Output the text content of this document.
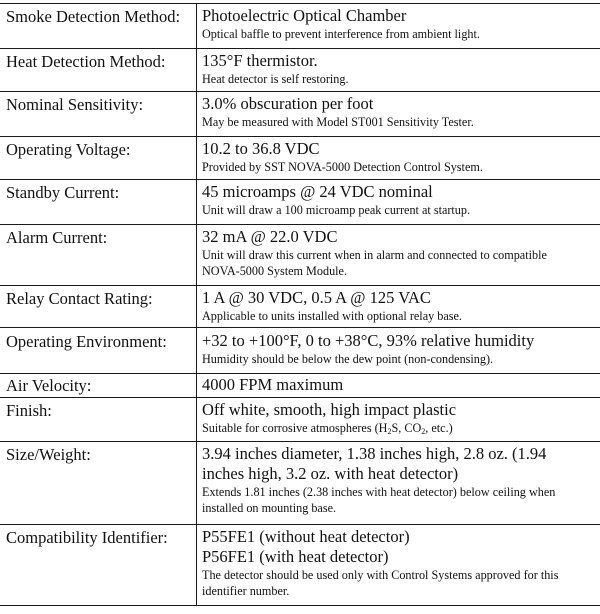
Smoke Detection Method: Photoelectric Optical Chamber
Optical baffle to prevent interference from ambient light.
Heat Detection Method: 135°F thermistor.
Heat detector is self restoring.
Nominal Sensitivity:	3.0% obscuration per foot
May be measured with Model ST001 Sensitivity Tester.
Operating Voltage:	10.2 to 36.8 VDC
Provided by SST NOVA-5000 Detection Control System.
Standby Current:	45 microamps @ 24 VDC nominal
Unit will draw a 100 microamp peak current at startup.
Alarm Current:	32 mA @ 22.0 VDC
Unit will draw this current when in alarm and connected to compatible NOVA-5000 System Module.
Relay Contact Rating:	1 A @ 30 VDC, 0.5 A @ 125 VAC
Applicable to units installed with optional relay base.
Operating Environment: +32 to +100°F, 0 to +38°C, 93% relative humidity
Humidity should be below the dew point (non-condensing).
Air Velocity:	4000 FPM maximum
Finish:	Off white, smooth, high impact plastic
Suitable for corrosive atmospheres ($H_2S$, $CO_2$, etc.)
Size/Weight:	3.94 inches diameter, 1.38 inches high, 2.8 oz. (1.94 inches high, 3.2 oz. with heat detector)
Extends 1.81 inches (2.38 inches with heat detector) below ceiling when installed on mounting base.
Compatibility Identifier: P55FE1 (without heat detector)
P56FE1 (with heat detector)
The detector should be used only with Control Systems approved for this identifier number.
